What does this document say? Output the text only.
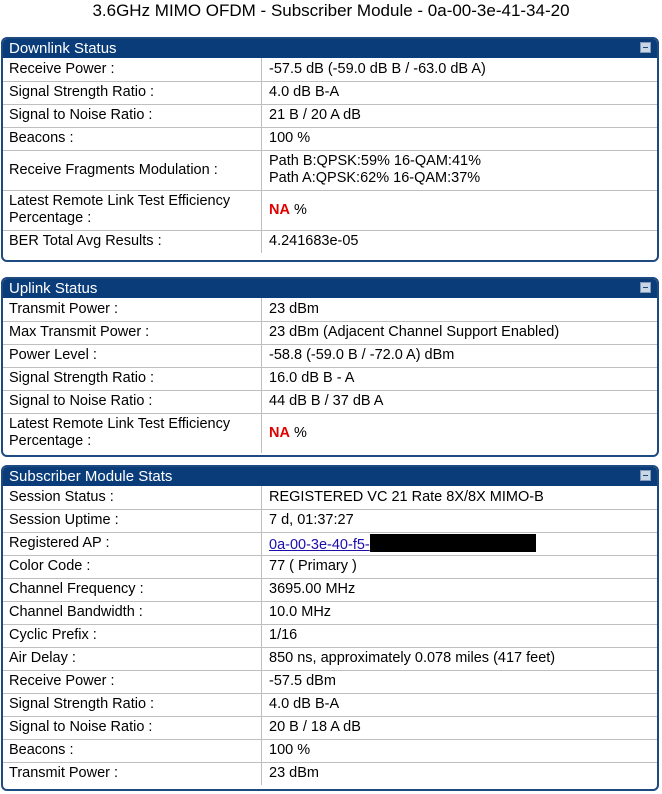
3.6GHz MIMO OFDM - Subscriber Module - 0a-00-3e-41-34-20
Downlink Status
Receive Power :	-57.5 dB (-59.0 dB B / -63.0 dB A)
Signal Strength Ratio :	4.0 dB B-A
Signal to Noise Ratio :	21 B / 20 A dB
Beacons :	100 %
Receive Fragments Modulation :	Path B:QPSK:59% 16-QAM:41%
Path A:QPSK:62% 16-QAM:37%

Latest Remote Link Test Efficiency
Percentage :	NA %
BER Total Avg Results :	4.241683e-05
Uplink Status
Transmit Power :	23 dBm
Max Transmit Power :	23 dBm (Adjacent Channel Support Enabled)
Power Level :	-58.8 (-59.0 B / -72.0 A) dBm
Signal Strength Ratio :	16.0 dB B - A
Signal to Noise Ratio :	44 dB B / 37 dB A

Latest Remote Link Test Efficiency
Percentage :	NA %
Subscriber Module Stats
Session Status :	REGISTERED VC 21 Rate 8X/8X MIMO-B
Session Uptime :	7 d, 01:37:27
Registered AP :	0a-00-3e-40-f5-
Color Code :	77 ( Primary )
Channel Frequency :	3695.00 MHz
Channel Bandwidth :	10.0 MHz
Cyclic Prefix :	1/16
Air Delay :	850 ns, approximately 0.078 miles (417 feet)
Receive Power :	-57.5 dBm
Signal Strength Ratio :	4.0 dB B-A
Signal to Noise Ratio :	20 B / 18 A dB
Beacons :	100 %
Transmit Power :	23 dBm
